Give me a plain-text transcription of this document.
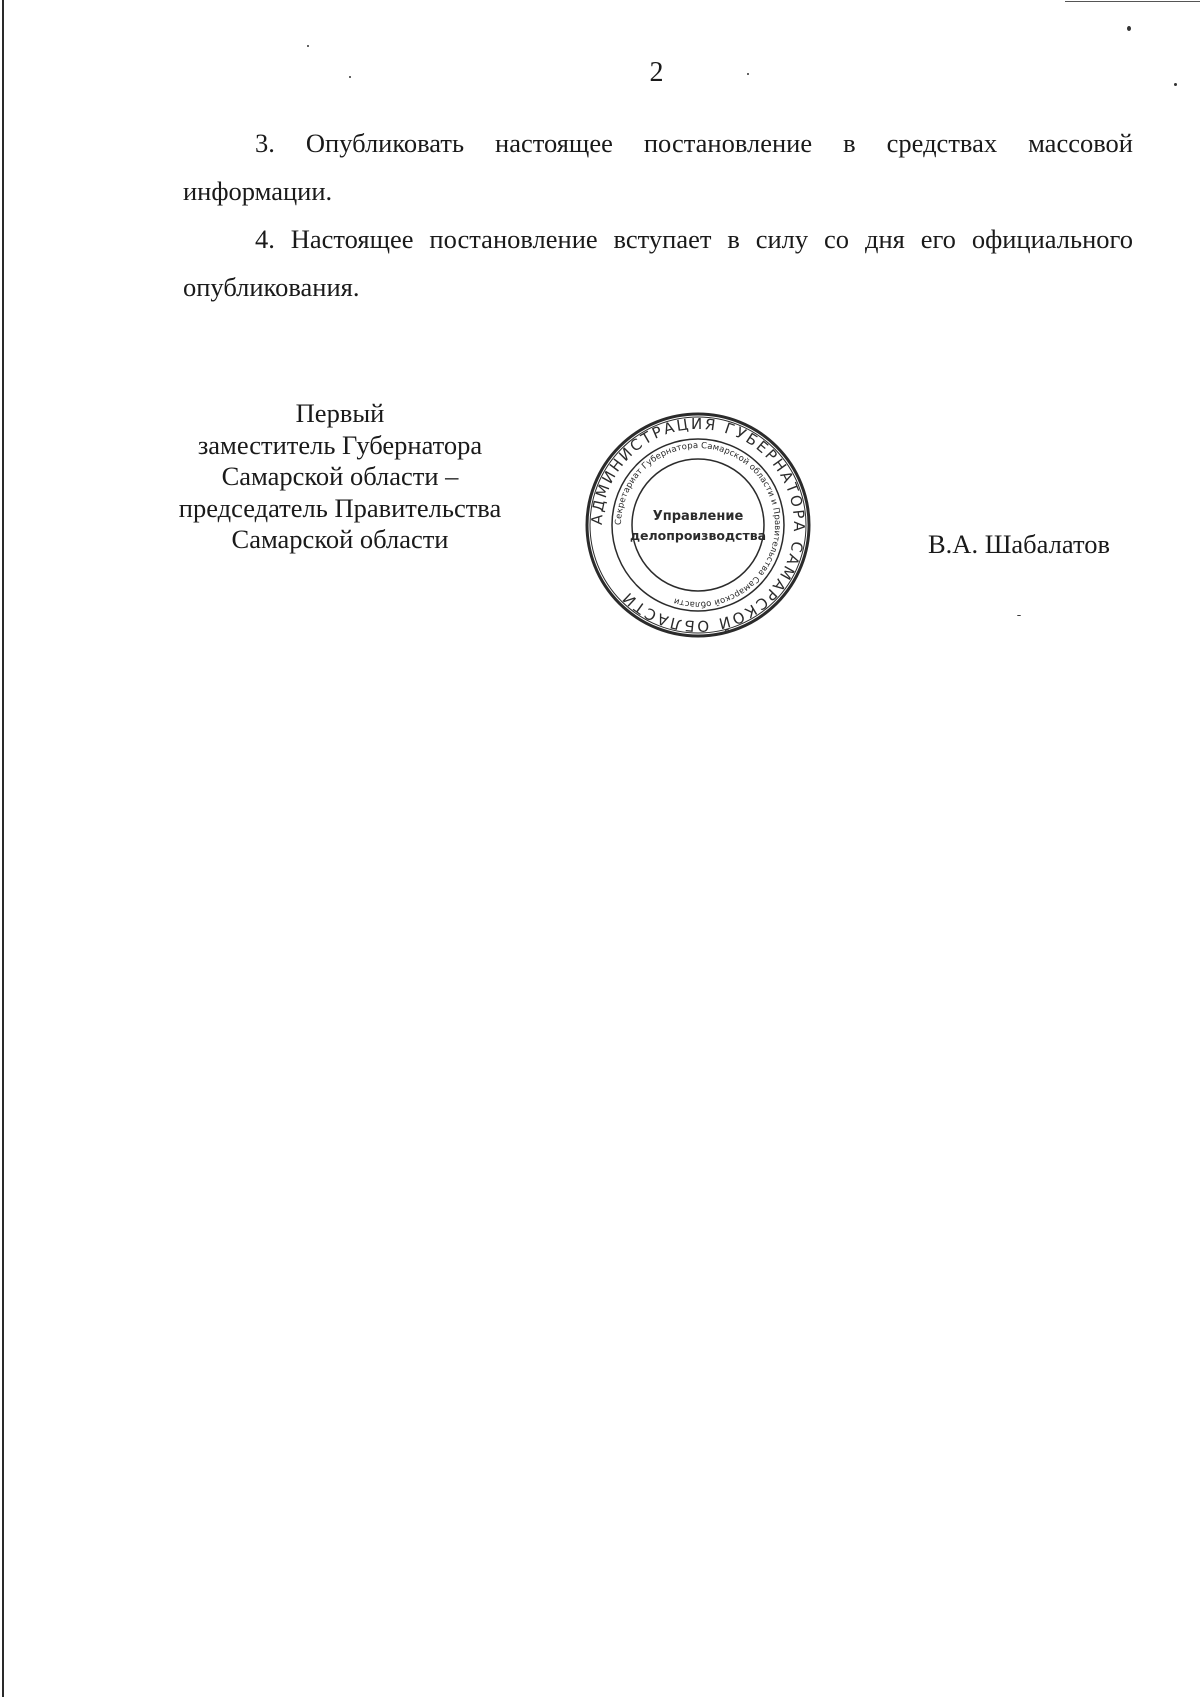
2
3. Опубликовать настоящее постановление в средствах массовой
информации.
4. Настоящее постановление вступает в силу со дня его официального
опубликования.
Первый
заместитель Губернатора
Самарской области –
председатель Правительства
Самарской области
АДМИНИСТРАЦИЯ ГУБЕРНАТОРА САМАРСКОЙ ОБЛАСТИ
Секретариат Губернатора Самарской области и Правительства Самарской области
Управление
делопроизводства	В.А. Шабалатов
